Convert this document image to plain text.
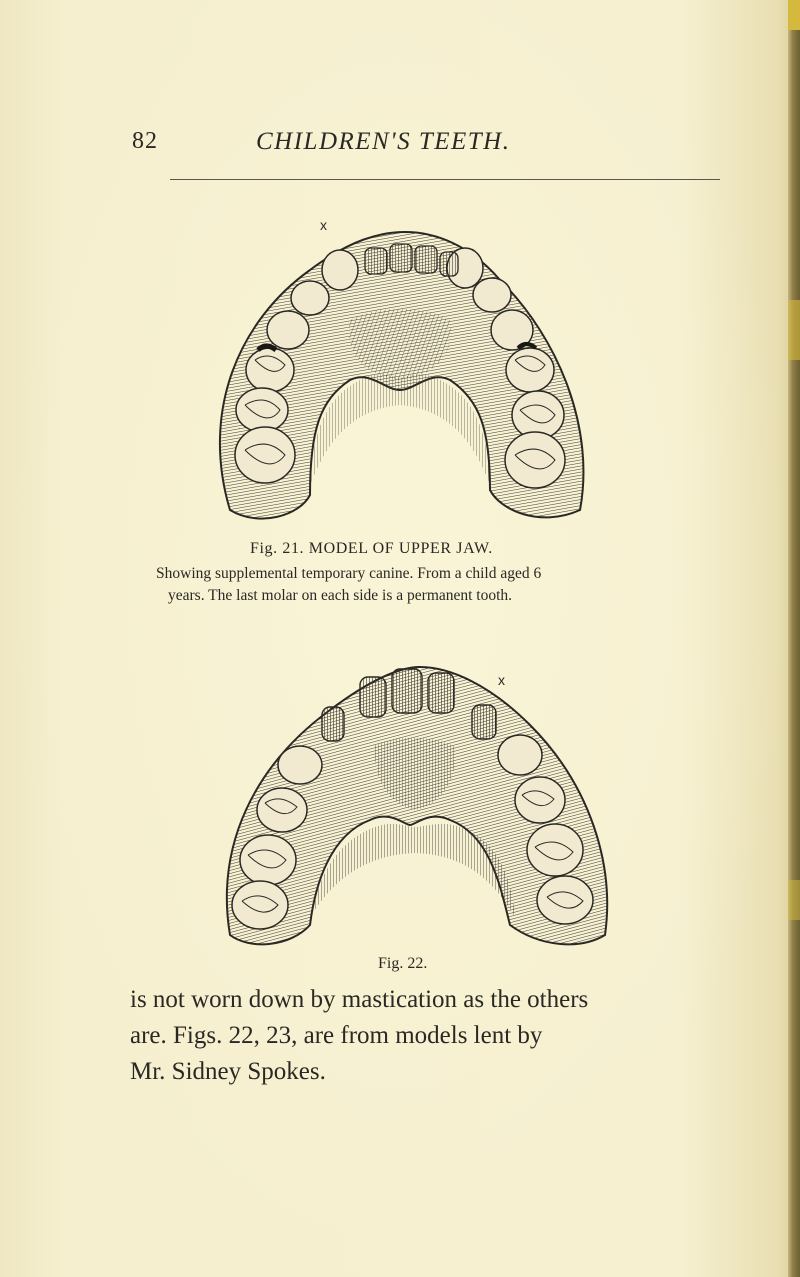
82	CHILDREN'S TEETH.
x
Fig. 21. MODEL OF UPPER JAW.
Showing supplemental temporary canine. From a child aged 6
years. The last molar on each side is a permanent tooth.
x
Fig. 22.
is not worn down by mastication as the others
are. Figs. 22, 23, are from models lent by
Mr. Sidney Spokes.
